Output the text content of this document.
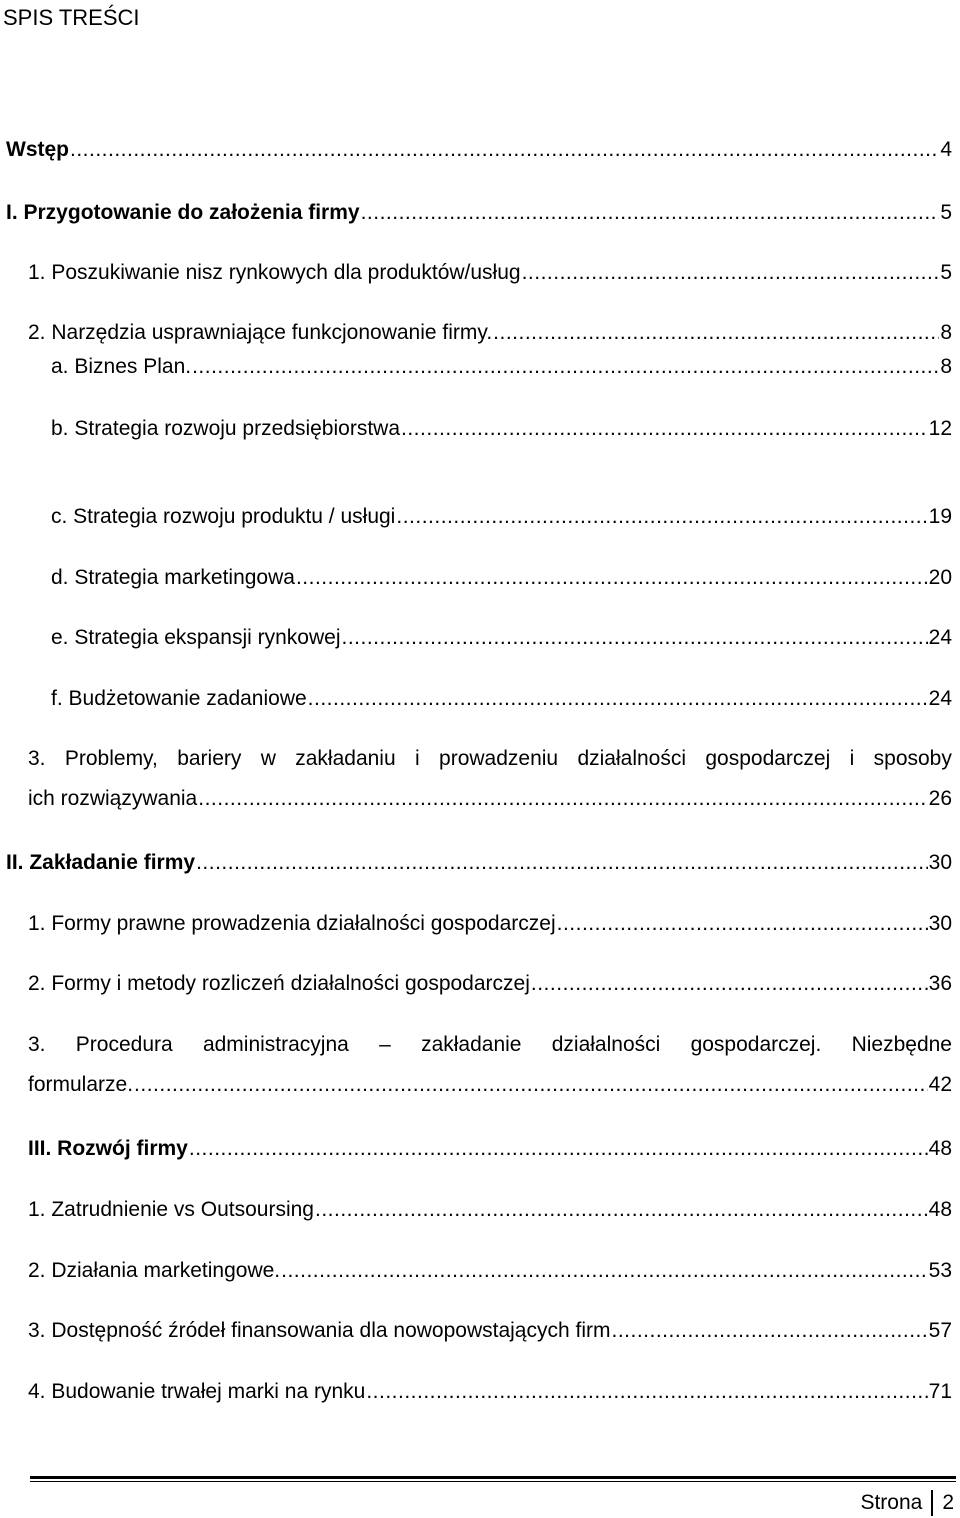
SPIS TREŚCI
Wstęp .....	4
I. Przygotowanie do założenia firmy .....	5
1. Poszukiwanie nisz rynkowych dla produktów/usług .....	5
2. Narzędzia usprawniające funkcjonowanie firmy. .....	8
a. Biznes Plan. .....	8
b. Strategia rozwoju przedsiębiorstwa .....	12
c. Strategia rozwoju produktu / usługi .....	19
d. Strategia marketingowa .....	20
e. Strategia ekspansji rynkowej .....	24
f. Budżetowanie zadaniowe .....	24
3. Problemy, bariery w zakładaniu i prowadzeniu działalności gospodarczej i sposoby
ich rozwiązywania .....	26
II. Zakładanie firmy .....	30
1. Formy prawne prowadzenia działalności gospodarczej .....	30
2. Formy i metody rozliczeń działalności gospodarczej .....	36
3. Procedura administracyjna – zakładanie działalności gospodarczej. Niezbędne
formularze. .....	42
III. Rozwój firmy .....	48
1. Zatrudnienie vs Outsoursing .....	48
2. Działania marketingowe. .....	53
3. Dostępność źródeł finansowania dla nowopowstających firm .....	57
4. Budowanie trwałej marki na rynku .....	71
Strona 2
